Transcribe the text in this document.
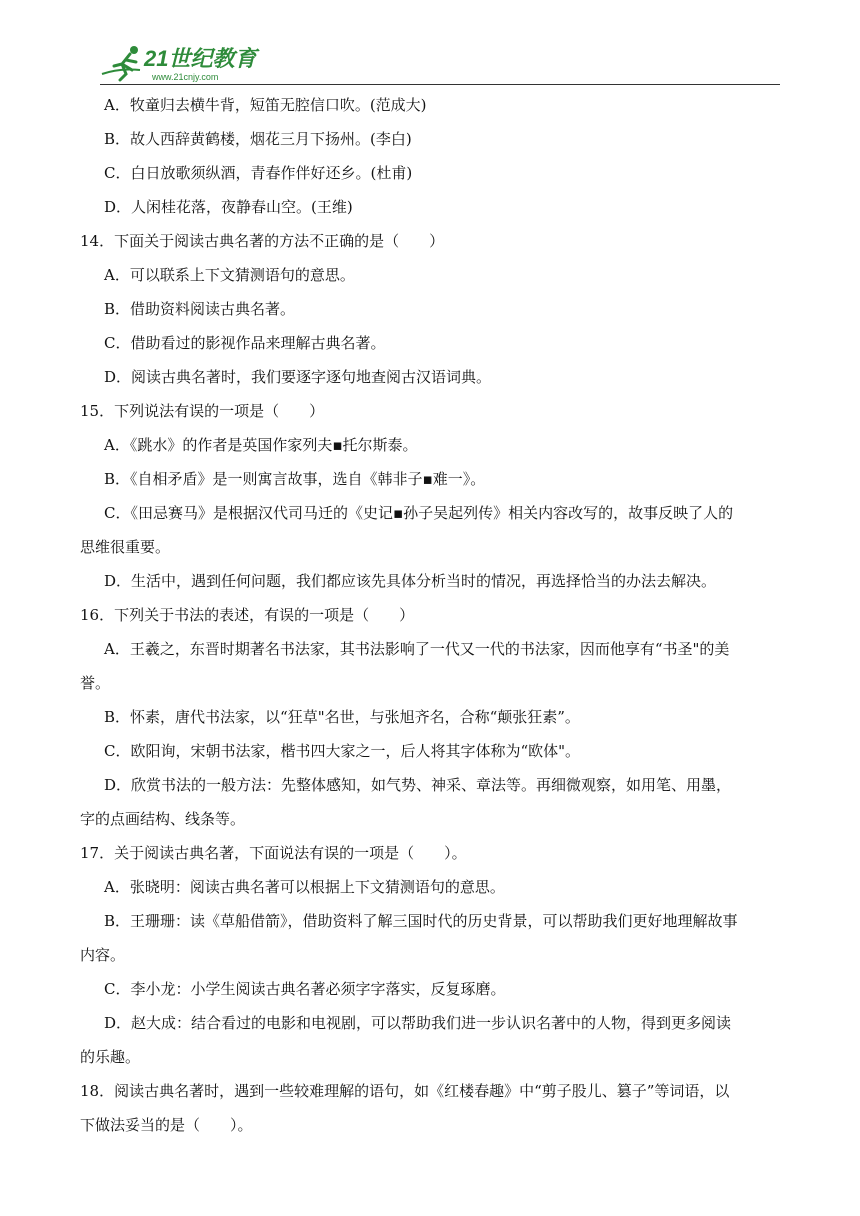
21世纪教育
www.21cnjy.com
A．牧童归去横牛背，短笛无腔信口吹。(范成大)
B．故人西辞黄鹤楼，烟花三月下扬州。(李白)
C．白日放歌须纵酒，青春作伴好还乡。(杜甫)
D．人闲桂花落，夜静春山空。(王维)
14．下面关于阅读古典名著的方法不正确的是（　　）
A．可以联系上下文猜测语句的意思。
B．借助资料阅读古典名著。
C．借助看过的影视作品来理解古典名著。
D．阅读古典名著时，我们要逐字逐句地查阅古汉语词典。
15．下列说法有误的一项是（　　）
A．《跳水》的作者是英国作家列夫▪托尔斯泰。
B．《自相矛盾》是一则寓言故事，选自《韩非子▪难一》。
C．《田忌赛马》是根据汉代司马迁的《史记▪孙子吴起列传》相关内容改写的，故事反映了人的
思维很重要。
D．生活中，遇到任何问题，我们都应该先具体分析当时的情况，再选择恰当的办法去解决。
16．下列关于书法的表述，有误的一项是（　　）
A．王羲之，东晋时期著名书法家，其书法影响了一代又一代的书法家，因而他享有“书圣"的美
誉。
B．怀素，唐代书法家，以“狂草"名世，与张旭齐名，合称“颠张狂素”。
C．欧阳询，宋朝书法家，楷书四大家之一，后人将其字体称为“欧体"。
D．欣赏书法的一般方法：先整体感知，如气势、神采、章法等。再细微观察，如用笔、用墨，
字的点画结构、线条等。
17．关于阅读古典名著，下面说法有误的一项是（　　）。
A．张晓明：阅读古典名著可以根据上下文猜测语句的意思。
B．王珊珊：读《草船借箭》，借助资料了解三国时代的历史背景，可以帮助我们更好地理解故事
内容。
C．李小龙：小学生阅读古典名著必须字字落实，反复琢磨。
D．赵大成：结合看过的电影和电视剧，可以帮助我们进一步认识名著中的人物，得到更多阅读
的乐趣。
18．阅读古典名著时，遇到一些较难理解的语句，如《红楼春趣》中“剪子股儿、篡子”等词语，以
下做法妥当的是（　　）。
